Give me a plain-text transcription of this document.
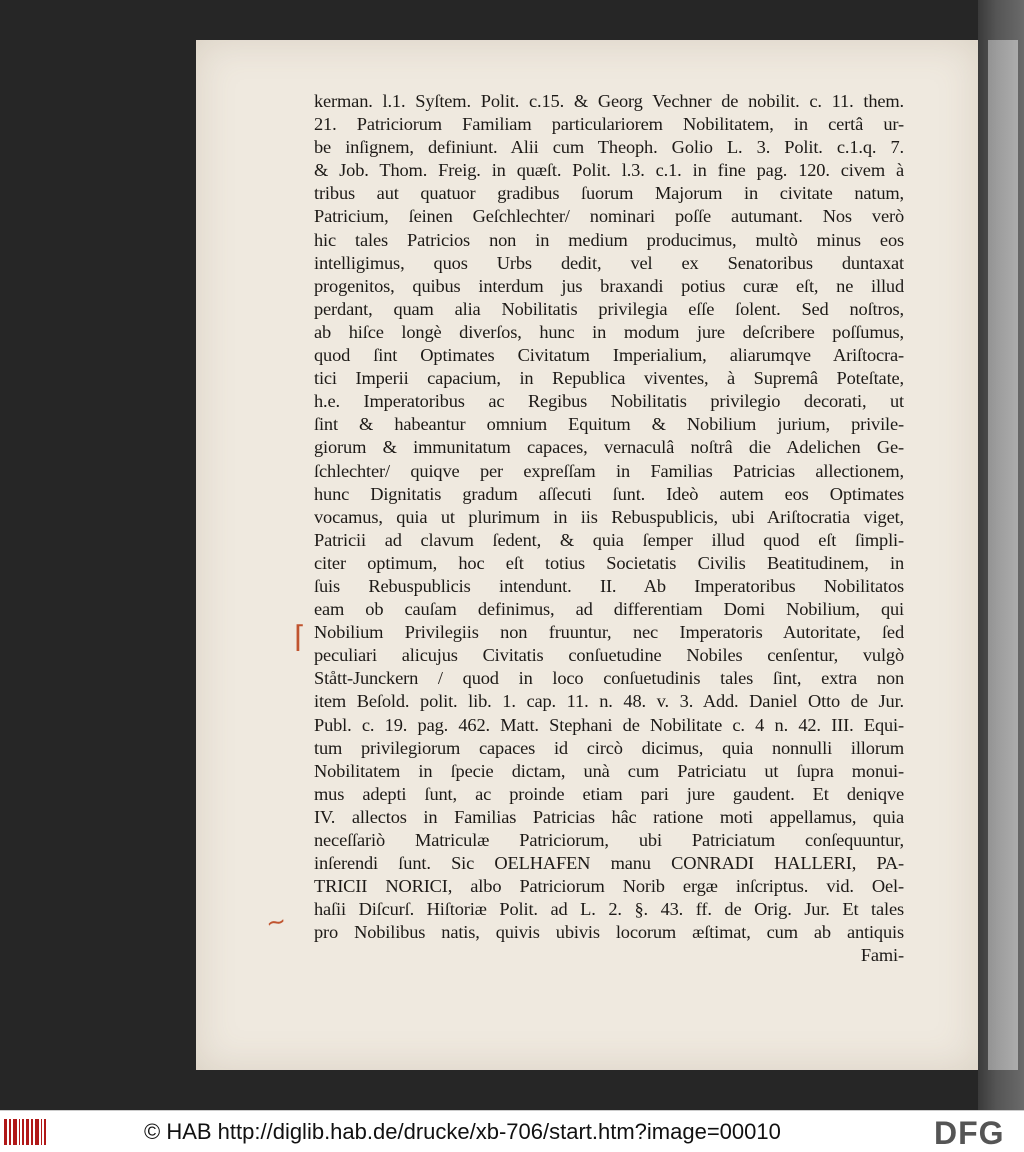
kerman. l.1. Syſtem. Polit. c.15. & Georg Vechner de nobilit. c. 11. them.
21. Patriciorum Familiam particulariorem Nobilitatem, in certâ ur-
be inſignem, definiunt. Alii cum Theoph. Golio L. 3. Polit. c.1.q. 7.
& Job. Thom. Freig. in quæſt. Polit. l.3. c.1. in fine pag. 120. civem à
tribus aut quatuor gradibus ſuorum Majorum in civitate natum,
Patricium, ſeinen Geſchlechter/ nominari poſſe autumant. Nos verò
hic tales Patricios non in medium producimus, multò minus eos
intelligimus, quos Urbs dedit, vel ex Senatoribus duntaxat
progenitos, quibus interdum jus braxandi potius curæ eſt, ne illud
perdant, quam alia Nobilitatis privilegia eſſe ſolent. Sed noſtros,
ab hiſce longè diverſos, hunc in modum jure deſcribere poſſumus,
quod ſint Optimates Civitatum Imperialium, aliarumqve Ariſtocra-
tici Imperii capacium, in Republica viventes, à Supremâ Poteſtate,
h.e. Imperatoribus ac Regibus Nobilitatis privilegio decorati, ut
ſint & habeantur omnium Equitum & Nobilium jurium, privile-
giorum & immunitatum capaces, vernaculâ noſtrâ die Adelichen Ge-
ſchlechter/ quiqve per expreſſam in Familias Patricias allectionem,
hunc Dignitatis gradum aſſecuti ſunt. Ideò autem eos Optimates
vocamus, quia ut plurimum in iis Rebuspublicis, ubi Ariſtocratia viget,
Patricii ad clavum ſedent, & quia ſemper illud quod eſt ſimpli-
citer optimum, hoc eſt totius Societatis Civilis Beatitudinem, in
ſuis Rebuspublicis intendunt. II. Ab Imperatoribus Nobilitatos
eam ob cauſam definimus, ad differentiam Domi Nobilium, qui
Nobilium Privilegiis non fruuntur, nec Imperatoris Autoritate, ſed
peculiari alicujus Civitatis conſuetudine Nobiles cenſentur, vulgò
Stått-Junckern / quod in loco conſuetudinis tales ſint, extra non
item Beſold. polit. lib. 1. cap. 11. n. 48. v. 3. Add. Daniel Otto de Jur.
Publ. c. 19. pag. 462. Matt. Stephani de Nobilitate c. 4 n. 42. III. Equi-
tum privilegiorum capaces id circò dicimus, quia nonnulli illorum
Nobilitatem in ſpecie dictam, unà cum Patriciatu ut ſupra monui-
mus adepti ſunt, ac proinde etiam pari jure gaudent. Et deniqve
IV. allectos in Familias Patricias hâc ratione moti appellamus, quia
neceſſariò Matriculæ Patriciorum, ubi Patriciatum conſequuntur,
inſerendi ſunt. Sic OELHAFEN manu CONRADI HALLERI, PA-
TRICII NORICI, albo Patriciorum Norib ergæ inſcriptus. vid. Oel-
haſii Diſcurſ. Hiſtoriæ Polit. ad L. 2. §. 43. ff. de Orig. Jur. Et tales
pro Nobilibus natis, quivis ubivis locorum æſtimat, cum ab antiquis
Fami-
⌈
∼
© HAB http://diglib.hab.de/drucke/xb-706/start.htm?image=00010	DFG
